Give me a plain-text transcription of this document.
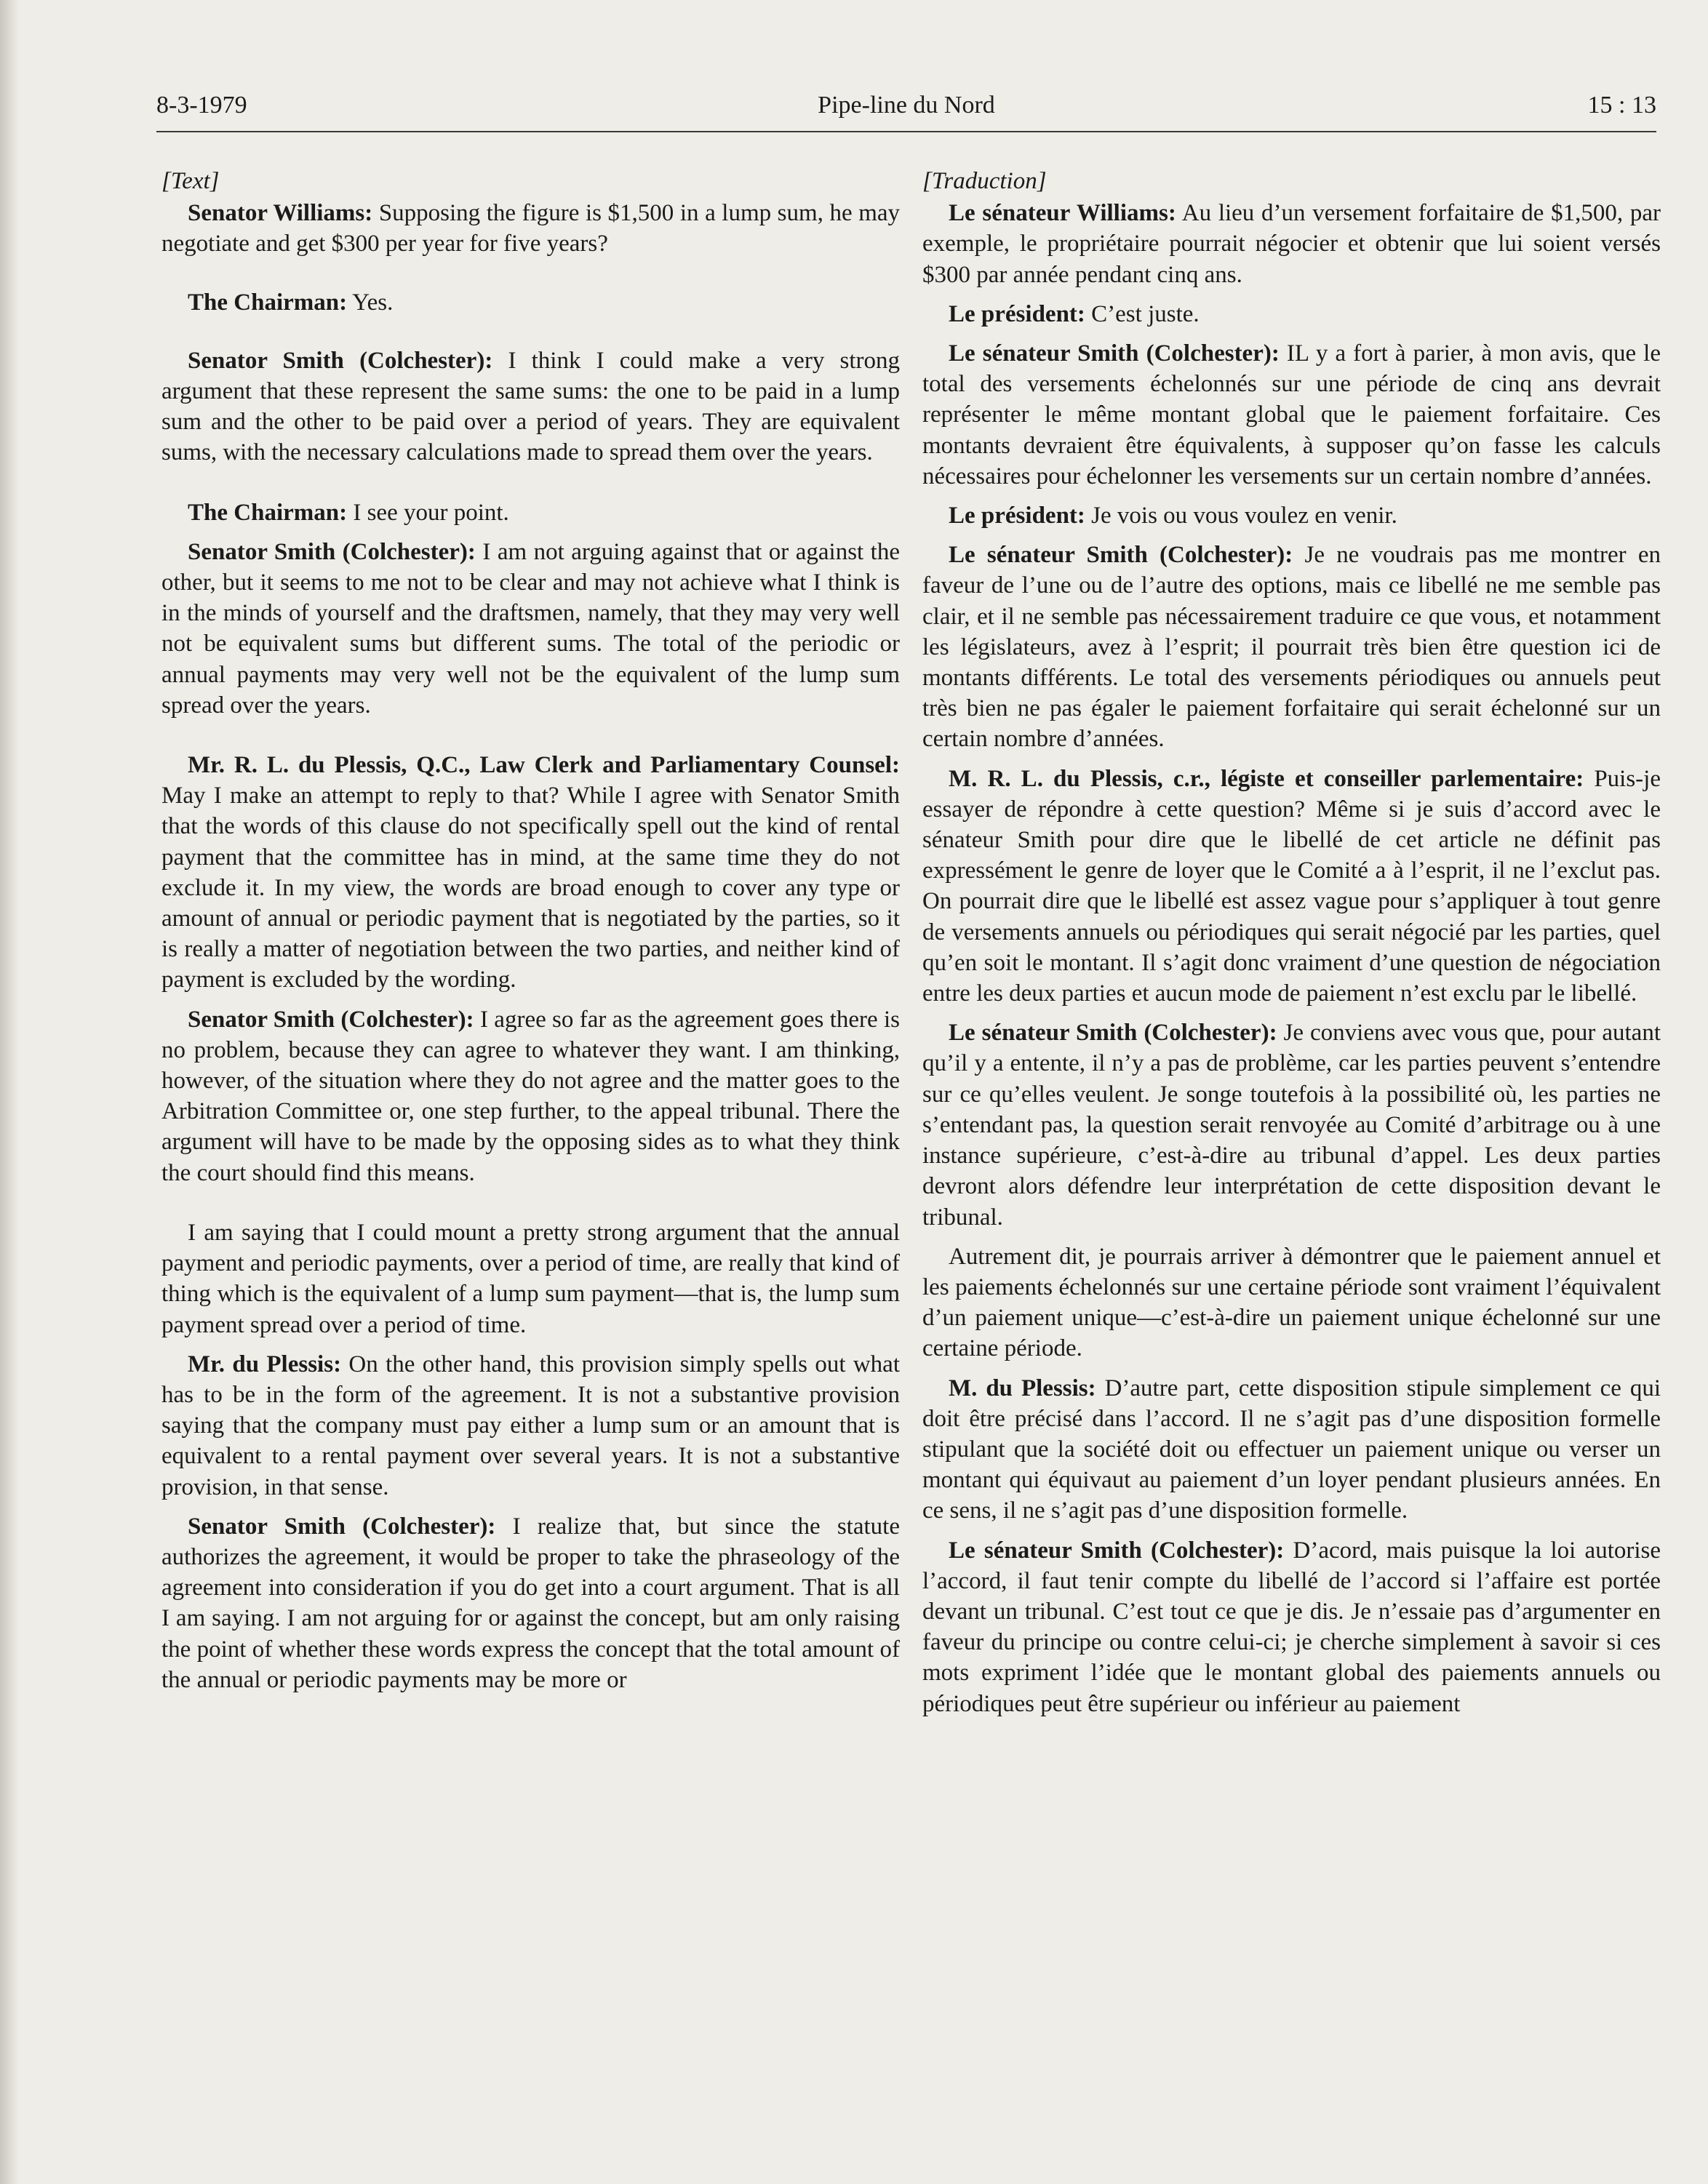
8-3-1979	Pipe-line du Nord	15 : 13

[Text]

Senator Williams: Supposing the figure is $1,500 in a lump sum, he may negotiate and get $300 per year for five years?

The Chairman: Yes.

Senator Smith (Colchester): I think I could make a very strong argument that these represent the same sums: the one to be paid in a lump sum and the other to be paid over a period of years. They are equivalent sums, with the necessary calculations made to spread them over the years.

The Chairman: I see your point.

Senator Smith (Colchester): I am not arguing against that or against the other, but it seems to me not to be clear and may not achieve what I think is in the minds of yourself and the draftsmen, namely, that they may very well not be equivalent sums but different sums. The total of the periodic or annual payments may very well not be the equivalent of the lump sum spread over the years.

Mr. R. L. du Plessis, Q.C., Law Clerk and Parliamentary Counsel: May I make an attempt to reply to that? While I agree with Senator Smith that the words of this clause do not specifically spell out the kind of rental payment that the committee has in mind, at the same time they do not exclude it. In my view, the words are broad enough to cover any type or amount of annual or periodic payment that is negotiated by the parties, so it is really a matter of negotiation between the two parties, and neither kind of payment is excluded by the wording.

Senator Smith (Colchester): I agree so far as the agreement goes there is no problem, because they can agree to whatever they want. I am thinking, however, of the situation where they do not agree and the matter goes to the Arbitration Committee or, one step further, to the appeal tribunal. There the argument will have to be made by the opposing sides as to what they think the court should find this means.

I am saying that I could mount a pretty strong argument that the annual payment and periodic payments, over a period of time, are really that kind of thing which is the equivalent of a lump sum payment—that is, the lump sum payment spread over a period of time.

Mr. du Plessis: On the other hand, this provision simply spells out what has to be in the form of the agreement. It is not a substantive provision saying that the company must pay either a lump sum or an amount that is equivalent to a rental payment over several years. It is not a substantive provision, in that sense.

Senator Smith (Colchester): I realize that, but since the statute authorizes the agreement, it would be proper to take the phraseology of the agreement into consideration if you do get into a court argument. That is all I am saying. I am not arguing for or against the concept, but am only raising the point of whether these words express the concept that the total amount of the annual or periodic payments may be more or

[Traduction]

Le sénateur Williams: Au lieu d’un versement forfaitaire de $1,500, par exemple, le propriétaire pourrait négocier et obtenir que lui soient versés $300 par année pendant cinq ans.

Le président: C’est juste.

Le sénateur Smith (Colchester): IL y a fort à parier, à mon avis, que le total des versements échelonnés sur une période de cinq ans devrait représenter le même montant global que le paiement forfaitaire. Ces montants devraient être équivalents, à supposer qu’on fasse les calculs nécessaires pour échelonner les versements sur un certain nombre d’années.

Le président: Je vois ou vous voulez en venir.

Le sénateur Smith (Colchester): Je ne voudrais pas me montrer en faveur de l’une ou de l’autre des options, mais ce libellé ne me semble pas clair, et il ne semble pas nécessairement traduire ce que vous, et notamment les législateurs, avez à l’esprit; il pourrait très bien être question ici de montants différents. Le total des versements périodiques ou annuels peut très bien ne pas égaler le paiement forfaitaire qui serait échelonné sur un certain nombre d’années.

M. R. L. du Plessis, c.r., légiste et conseiller parlementaire: Puis-je essayer de répondre à cette question? Même si je suis d’accord avec le sénateur Smith pour dire que le libellé de cet article ne définit pas expressément le genre de loyer que le Comité a à l’esprit, il ne l’exclut pas. On pourrait dire que le libellé est assez vague pour s’appliquer à tout genre de versements annuels ou périodiques qui serait négocié par les parties, quel qu’en soit le montant. Il s’agit donc vraiment d’une question de négociation entre les deux parties et aucun mode de paiement n’est exclu par le libellé.

Le sénateur Smith (Colchester): Je conviens avec vous que, pour autant qu’il y a entente, il n’y a pas de problème, car les parties peuvent s’entendre sur ce qu’elles veulent. Je songe toutefois à la possibilité où, les parties ne s’entendant pas, la question serait renvoyée au Comité d’arbitrage ou à une instance supérieure, c’est-à-dire au tribunal d’appel. Les deux parties devront alors défendre leur interprétation de cette disposition devant le tribunal.

Autrement dit, je pourrais arriver à démontrer que le paiement annuel et les paiements échelonnés sur une certaine période sont vraiment l’équivalent d’un paiement unique—c’est-à-dire un paiement unique échelonné sur une certaine période.

M. du Plessis: D’autre part, cette disposition stipule simplement ce qui doit être précisé dans l’accord. Il ne s’agit pas d’une disposition formelle stipulant que la société doit ou effectuer un paiement unique ou verser un montant qui équivaut au paiement d’un loyer pendant plusieurs années. En ce sens, il ne s’agit pas d’une disposition formelle.

Le sénateur Smith (Colchester): D’acord, mais puisque la loi autorise l’accord, il faut tenir compte du libellé de l’accord si l’affaire est portée devant un tribunal. C’est tout ce que je dis. Je n’essaie pas d’argumenter en faveur du principe ou contre celui-ci; je cherche simplement à savoir si ces mots expriment l’idée que le montant global des paiements annuels ou périodiques peut être supérieur ou inférieur au paiement
